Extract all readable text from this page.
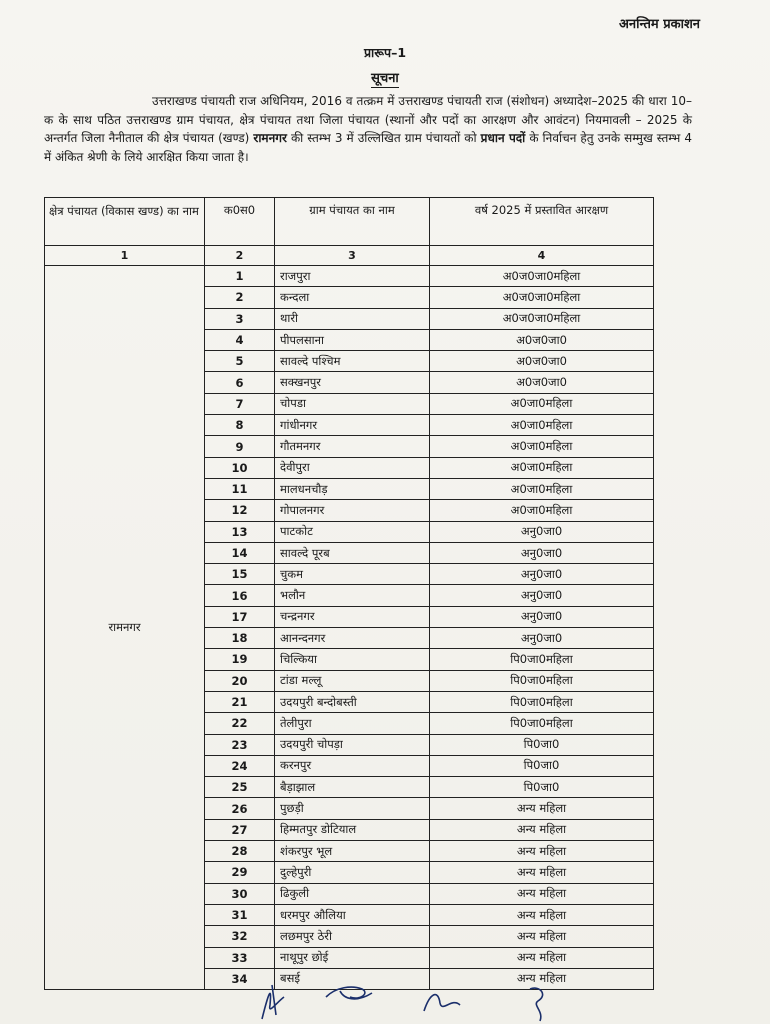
अनन्तिम प्रकाशन
प्रारूप–1
सूचना
उत्तराखण्ड पंचायती राज अधिनियम, 2016 व तत्क्रम में उत्तराखण्ड पंचायती राज (संशोधन) अध्यादेश–2025 की धारा 10–क के साथ पठित उत्तराखण्ड ग्राम पंचायत, क्षेत्र पंचायत तथा जिला पंचायत (स्थानों और पदों का आरक्षण और आवंटन) नियमावली – 2025 के अन्तर्गत जिला नैनीताल की क्षेत्र पंचायत (खण्ड) रामनगर की स्तम्भ 3 में उल्लिखित ग्राम पंचायतों को प्रधान पदों के निर्वाचन हेतु उनके सम्मुख स्तम्भ 4 में अंकित श्रेणी के लिये आरक्षित किया जाता है।
क्षेत्र पंचायत (विकास खण्ड) का नाम	क0स0	ग्राम पंचायत का नाम	वर्ष 2025 में प्रस्तावित आरक्षण
1	2	3	4
रामनगर	1	राजपुरा	अ0ज0जा0महिला
	2	कन्दला	अ0ज0जा0महिला
	3	थारी	अ0ज0जा0महिला
	4	पीपलसाना	अ0ज0जा0
	5	सावल्दे पश्चिम	अ0ज0जा0
	6	सक्खनपुर	अ0ज0जा0
	7	चोपडा	अ0जा0महिला
	8	गांधीनगर	अ0जा0महिला
	9	गौतमनगर	अ0जा0महिला
	10	देवीपुरा	अ0जा0महिला
	11	मालधनचौड़	अ0जा0महिला
	12	गोपालनगर	अ0जा0महिला
	13	पाटकोट	अनु0जा0
	14	सावल्दे पूरब	अनु0जा0
	15	चुकम	अनु0जा0
	16	भलौन	अनु0जा0
	17	चन्द्रनगर	अनु0जा0
	18	आनन्दनगर	अनु0जा0
	19	चिल्किया	पि0जा0महिला
	20	टांडा मल्लू	पि0जा0महिला
	21	उदयपुरी बन्दोबस्ती	पि0जा0महिला
	22	तेलीपुरा	पि0जा0महिला
	23	उदयपुरी चोपड़ा	पि0जा0
	24	करनपुर	पि0जा0
	25	बैड़ाझाल	पि0जा0
	26	पुछड़ी	अन्य महिला
	27	हिम्मतपुर डोटियाल	अन्य महिला
	28	शंकरपुर भूल	अन्य महिला
	29	दुल्हेपुरी	अन्य महिला
	30	ढिकुली	अन्य महिला
	31	धरमपुर औलिया	अन्य महिला
	32	लछमपुर ठेरी	अन्य महिला
	33	नाथूपुर छोई	अन्य महिला
	34	बसई	अन्य महिला
